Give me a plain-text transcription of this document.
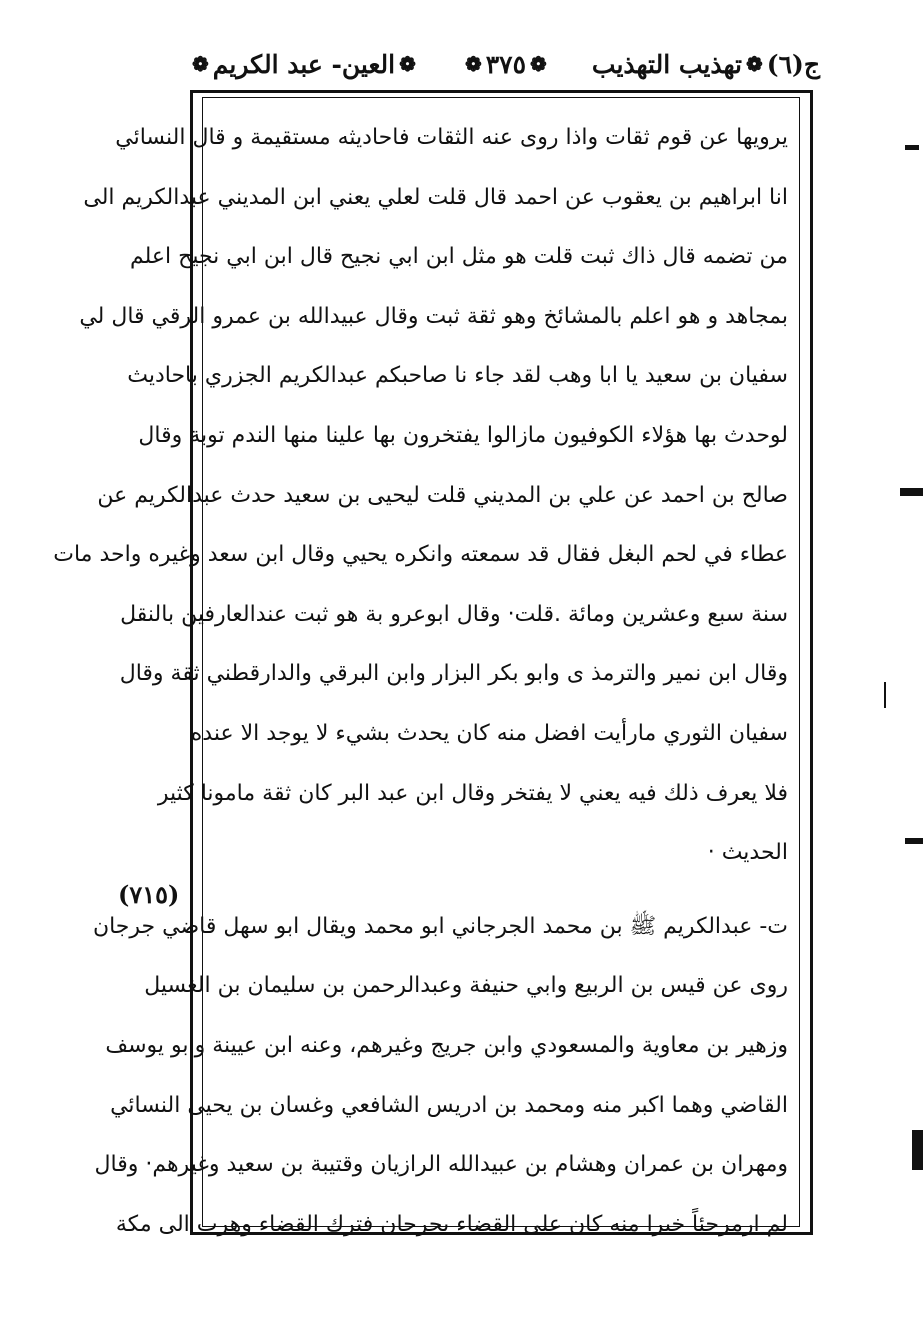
ج(٦)
❁
تهذيب التهذيب
❁
٣٧٥
❁
❁
العين- عبد الكريم
❁
يرويها عن قوم ثقات واذا روى عنه الثقات فاحاديثه مستقيمة و قال النسائي
انا ابراهيم بن يعقوب عن احمد قال قلت لعلي يعني ابن المديني عبدالكريم الى
من تضمه قال ذاك ثبت قلت هو مثل ابن ابي نجيح قال ابن ابي نجيح اعلم
بمجاهد و هو اعلم بالمشائخ وهو ثقة ثبت وقال عبيدالله بن عمرو الرقي قال لي
سفيان بن سعيد يا ابا وهب لقد جاء نا صاحبكم عبدالكريم الجزري باحاديث
لوحدث بها هؤلاء الكوفيون مازالوا يفتخرون بها علينا منها الندم توبة وقال
صالح بن احمد عن علي بن المديني قلت ليحيى بن سعيد حدث عبدالكريم عن
عطاء في لحم البغل فقال قد سمعته وانكره يحيي وقال ابن سعد وغيره واحد مات
سنة سبع وعشرين ومائة .قلت· وقال ابوعرو بة هو ثبت عندالعارفين بالنقل
وقال ابن نمير والترمذ ى وابو بكر البزار وابن البرقي والدارقطني ثقة وقال
سفيان الثوري مارأيت افضل منه كان يحدث بشيء لا يوجد الا عنده
فلا يعرف ذلك فيه يعني لا يفتخر وقال ابن عبد البر كان ثقة مامونا كثير
الحديث ·
ت- عبدالكريم ﷺ بن محمد الجرجاني ابو محمد ويقال ابو سهل قاضي جرجان
روى عن قيس بن الربيع وابي حنيفة وعبدالرحمن بن سليمان بن الغسيل
وزهير بن معاوية والمسعودي وابن جريج وغيرهم، وعنه ابن عيينة وابو يوسف
القاضي وهما اكبر منه ومحمد بن ادريس الشافعي وغسان بن يحيى النسائي
ومهران بن عمران وهشام بن عبيدالله الرازيان وقتيبة بن سعيد وغيرهم· وقال
لم ارمرجئاً خيرا منه كان على القضاء بجرجان فترك القضاء وهرب الى مكة
(٧١٥)
